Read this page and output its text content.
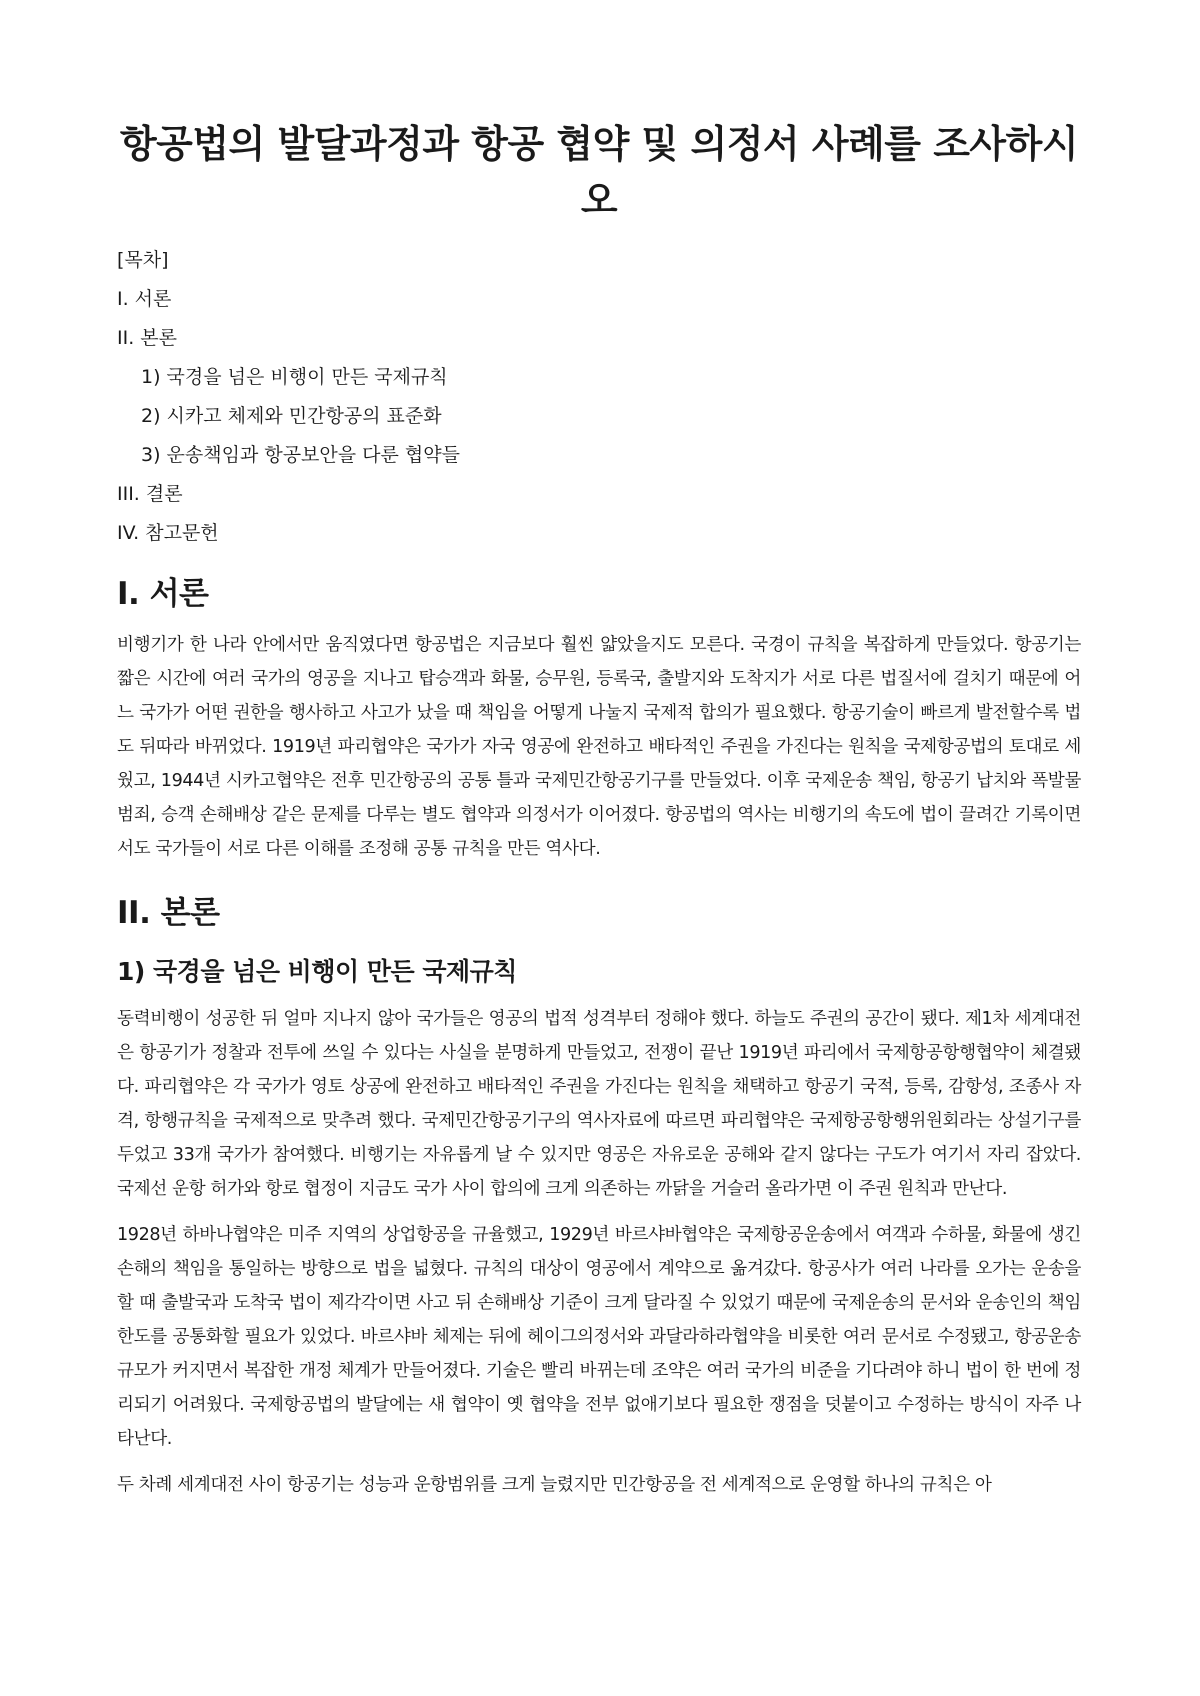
항공법의 발달과정과 항공 협약 및 의정서 사례를 조사하시오
[목차]
I. 서론
II. 본론
1) 국경을 넘은 비행이 만든 국제규칙
2) 시카고 체제와 민간항공의 표준화
3) 운송책임과 항공보안을 다룬 협약들
III. 결론
IV. 참고문헌
I. 서론

비행기가 한 나라 안에서만 움직였다면 항공법은 지금보다 훨씬 얇았을지도 모른다. 국경이 규칙을 복잡하게 만들었다. 항공기는 짧은 시간에 여러 국가의 영공을 지나고 탑승객과 화물, 승무원, 등록국, 출발지와 도착지가 서로 다른 법질서에 걸치기 때문에 어느 국가가 어떤 권한을 행사하고 사고가 났을 때 책임을 어떻게 나눌지 국제적 합의가 필요했다. 항공기술이 빠르게 발전할수록 법도 뒤따라 바뀌었다. 1919년 파리협약은 국가가 자국 영공에 완전하고 배타적인 주권을 가진다는 원칙을 국제항공법의 토대로 세웠고, 1944년 시카고협약은 전후 민간항공의 공통 틀과 국제민간항공기구를 만들었다. 이후 국제운송 책임, 항공기 납치와 폭발물 범죄, 승객 손해배상 같은 문제를 다루는 별도 협약과 의정서가 이어졌다. 항공법의 역사는 비행기의 속도에 법이 끌려간 기록이면서도 국가들이 서로 다른 이해를 조정해 공통 규칙을 만든 역사다.

II. 본론
1) 국경을 넘은 비행이 만든 국제규칙

동력비행이 성공한 뒤 얼마 지나지 않아 국가들은 영공의 법적 성격부터 정해야 했다. 하늘도 주권의 공간이 됐다. 제1차 세계대전은 항공기가 정찰과 전투에 쓰일 수 있다는 사실을 분명하게 만들었고, 전쟁이 끝난 1919년 파리에서 국제항공항행협약이 체결됐다. 파리협약은 각 국가가 영토 상공에 완전하고 배타적인 주권을 가진다는 원칙을 채택하고 항공기 국적, 등록, 감항성, 조종사 자격, 항행규칙을 국제적으로 맞추려 했다. 국제민간항공기구의 역사자료에 따르면 파리협약은 국제항공항행위원회라는 상설기구를 두었고 33개 국가가 참여했다. 비행기는 자유롭게 날 수 있지만 영공은 자유로운 공해와 같지 않다는 구도가 여기서 자리 잡았다. 국제선 운항 허가와 항로 협정이 지금도 국가 사이 합의에 크게 의존하는 까닭을 거슬러 올라가면 이 주권 원칙과 만난다.

1928년 하바나협약은 미주 지역의 상업항공을 규율했고, 1929년 바르샤바협약은 국제항공운송에서 여객과 수하물, 화물에 생긴 손해의 책임을 통일하는 방향으로 법을 넓혔다. 규칙의 대상이 영공에서 계약으로 옮겨갔다. 항공사가 여러 나라를 오가는 운송을 할 때 출발국과 도착국 법이 제각각이면 사고 뒤 손해배상 기준이 크게 달라질 수 있었기 때문에 국제운송의 문서와 운송인의 책임한도를 공통화할 필요가 있었다. 바르샤바 체제는 뒤에 헤이그의정서와 과달라하라협약을 비롯한 여러 문서로 수정됐고, 항공운송 규모가 커지면서 복잡한 개정 체계가 만들어졌다. 기술은 빨리 바뀌는데 조약은 여러 국가의 비준을 기다려야 하니 법이 한 번에 정리되기 어려웠다. 국제항공법의 발달에는 새 협약이 옛 협약을 전부 없애기보다 필요한 쟁점을 덧붙이고 수정하는 방식이 자주 나타난다.

두 차례 세계대전 사이 항공기는 성능과 운항범위를 크게 늘렸지만 민간항공을 전 세계적으로 운영할 하나의 규칙은 아
